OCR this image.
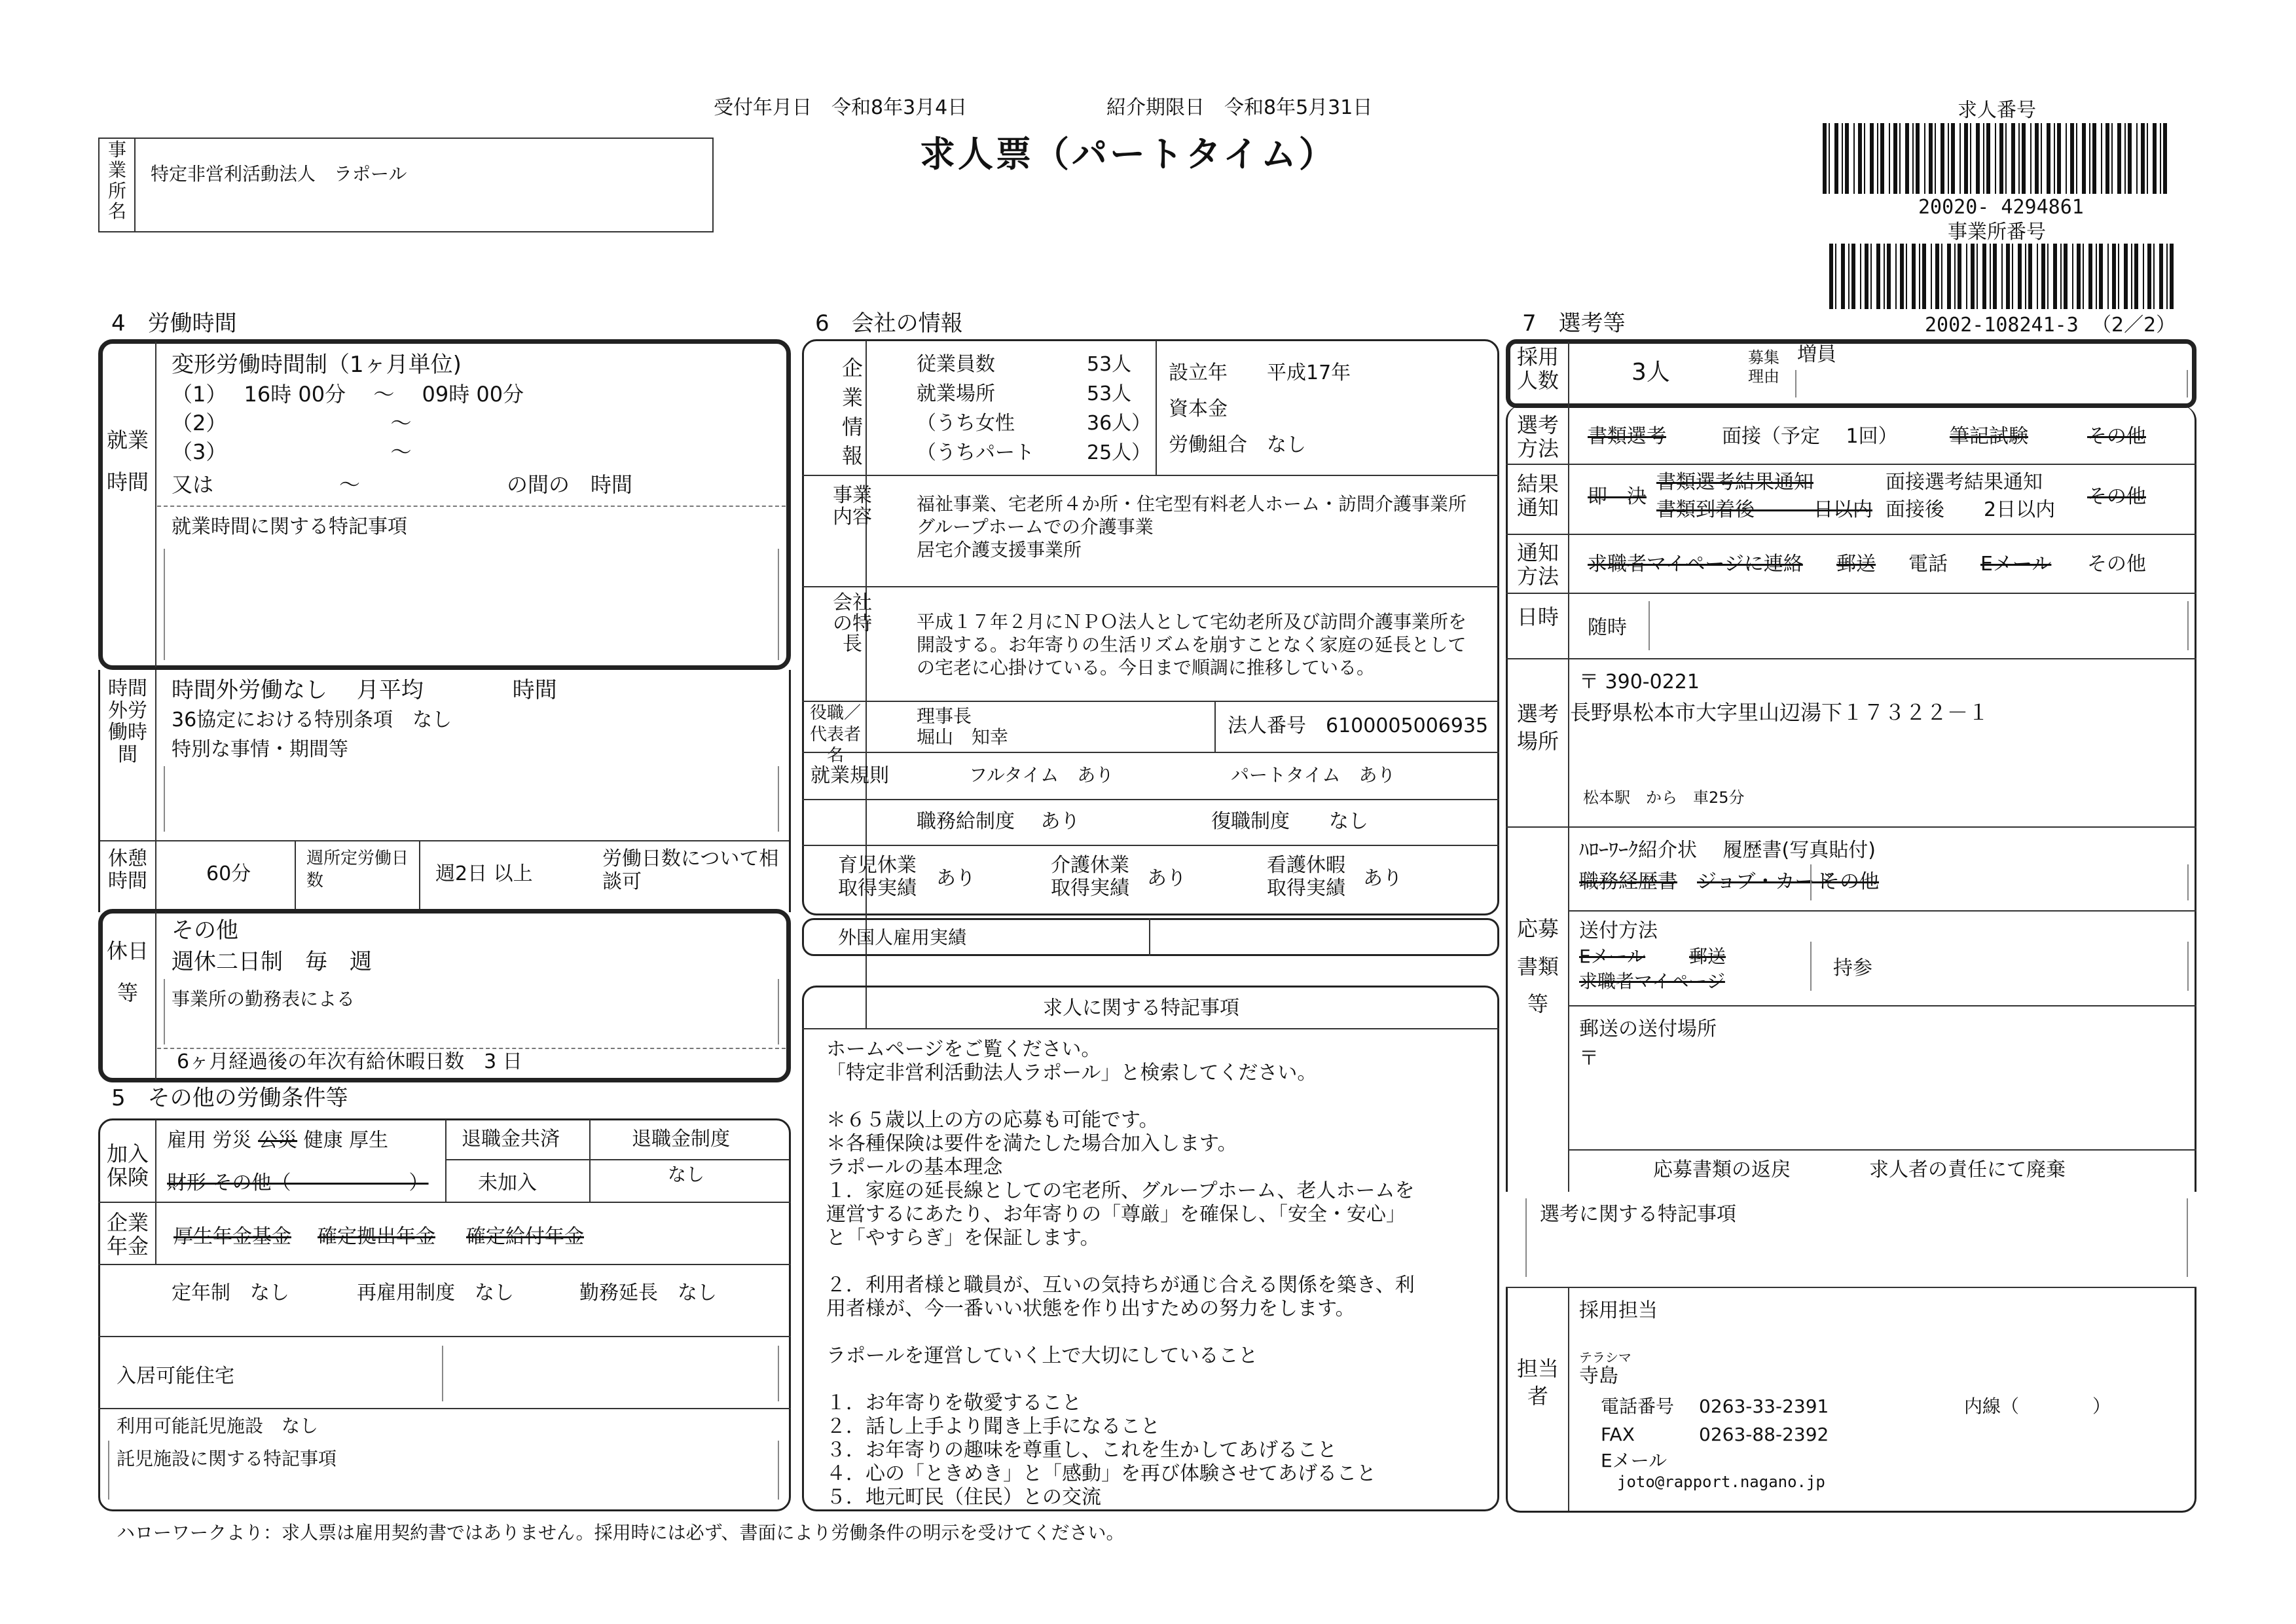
受付年月日　令和8年3月4日	紹介期限日　令和8年5月31日
求人票（パートタイム）
求人番号
20020- 4294861
事業所番号
2002-108241-3 （2／2）
事業所名
特定非営利活動法人　ラポール
4　労働時間
就業時間
変形労働時間制（1ヶ月単位)
（1）　 16時 00分　 ～　 09時 00分
（2）　　　　　　　　 ～
（3）　　　　　　　　 ～
又は　　　　　　～　　　　　　　の間の　時間
就業時間に関する特記事項
時間外労働時間
時間外労働なし　 月平均　　　　時間
36協定における特別条項　なし
特別な事情・期間等
休憩時間	60分
週所定労働日数	週2日 以上
労働日数について相談可
休日等
その他
週休二日制　毎　週
事業所の勤務表による
6ヶ月経過後の年次有給休暇日数　3 日
5　その他の労働条件等
加入保険
雇用 労災 公災 健康 厚生
財形 その他（　　　　　　）
退職金共済
未加入
退職金制度
なし
企業年金 厚生年金基金 確定拠出年金 確定給付年金
定年制　なし	再雇用制度　なし	勤務延長　なし
入居可能住宅
利用可能託児施設　なし
託児施設に関する特記事項
6　会社の情報
企業情報
従業員数	53人
就業場所	53人
（うち女性	36人）
（うちパート	25人）
設立年　　平成17年
資本金
労働組合　なし
事業内容
福祉事業、宅老所４か所・住宅型有料老人ホーム・訪問介護事業所
グループホームでの介護事業
居宅介護支援事業所
会社の特長
平成１７年２月にＮＰＯ法人として宅幼老所及び訪問介護事業所を
開設する。お年寄りの生活リズムを崩すことなく家庭の延長として
の宅老に心掛けている。今日まで順調に推移している。
役職／代表者名
理事長
堀山　知幸	法人番号　6100005006935
就業規則	フルタイム　あり	パートタイム　あり
職務給制度　 あり	復職制度　　なし
育児休業取得実績	あり
介護休業取得実績 あり
看護休暇取得実績 あり
外国人雇用実績
求人に関する特記事項
ホームページをご覧ください。
「特定非営利活動法人ラポール」と検索してください。

＊６５歳以上の方の応募も可能です。
＊各種保険は要件を満たした場合加入します。
ラポールの基本理念
１．家庭の延長線としての宅老所、グループホーム、老人ホームを
運営するにあたり、お年寄りの「尊厳」を確保し、「安全・安心」
と「やすらぎ」を保証します。

２．利用者様と職員が、互いの気持ちが通じ合える関係を築き、利
用者様が、今一番いい状態を作り出すための努力をします。

ラポールを運営していく上で大切にしていること

１．お年寄りを敬愛すること
２．話し上手より聞き上手になること
３．お年寄りの趣味を尊重し、これを生かしてあげること
４．心の「ときめき」と「感動」を再び体験させてあげること
５．地元町民（住民）との交流
7　選考等
採用人数	3人
募集理由
増員
選考方法	書類選考	面接（予定　 1回）	筆記試験	その他
結果通知	即　決
書類選考結果通知
書類到着後　　　日以内
面接選考結果通知
面接後　　2日以内
その他
通知方法	求職者マイページに連絡 郵送 電話 Eメール その他
日時	随時
選考場所
〒 390-0221
長野県松本市大字里山辺湯下１７３２２－１
松本駅　から　車25分
応募書類等
ﾊﾛｰﾜｰｸ紹介状　 履歴書(写真貼付)
職務経歴書　 ジョブ・カード
その他
送付方法
Eメール 郵送
求職者マイページ
持参
郵送の送付場所
〒
応募書類の返戻	求人者の責任にて廃棄
選考に関する特記事項
担当者
採用担当
テラシマ
寺島
電話番号 0263-33-2391	内線（　　　　）
FAX	0263-88-2392
Eメール
joto@rapport.nagano.jp
ハローワークより：求人票は雇用契約書ではありません。採用時には必ず、書面により労働条件の明示を受けてください。
